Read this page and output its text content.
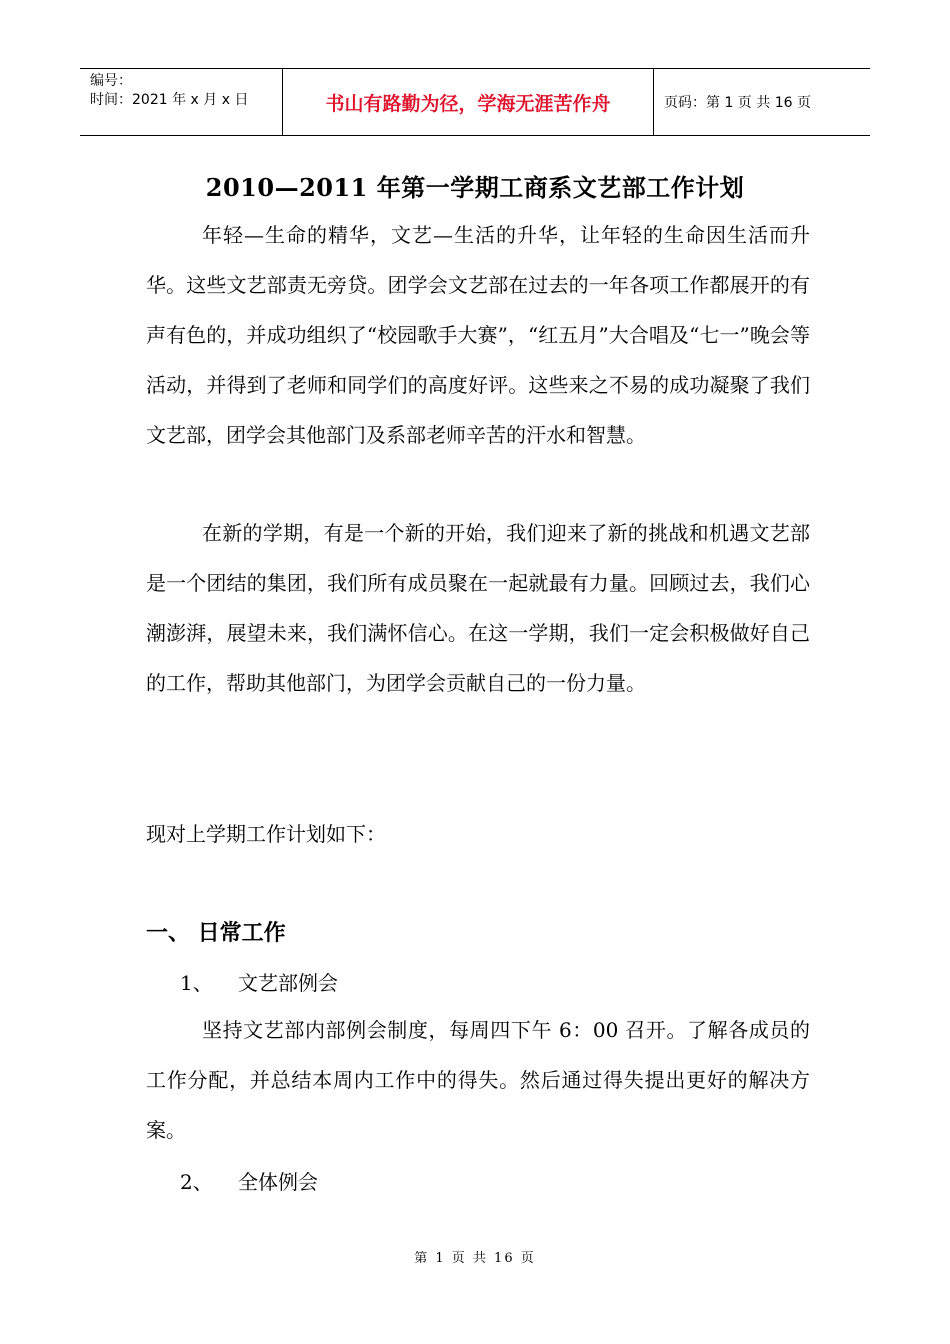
编号：
时间：2021 年 x 月 x 日	书山有路勤为径，学海无涯苦作舟	页码：第 1 页 共 16 页
2010—2011 年第一学期工商系文艺部工作计划
年轻—生命的精华，文艺—生活的升华，让年轻的生命因生活而升华。这些文艺部责无旁贷。团学会文艺部在过去的一年各项工作都展开的有声有色的，并成功组织了“校园歌手大赛”，“红五月”大合唱及“七一”晚会等活动，并得到了老师和同学们的高度好评。这些来之不易的成功凝聚了我们文艺部，团学会其他部门及系部老师辛苦的汗水和智慧。
在新的学期，有是一个新的开始，我们迎来了新的挑战和机遇文艺部是一个团结的集团，我们所有成员聚在一起就最有力量。回顾过去，我们心潮澎湃，展望未来，我们满怀信心。在这一学期，我们一定会积极做好自己的工作，帮助其他部门，为团学会贡献自己的一份力量。
现对上学期工作计划如下：
一、 日常工作
1、 文艺部例会
坚持文艺部内部例会制度，每周四下午 6：00 召开。了解各成员的工作分配，并总结本周内工作中的得失。然后通过得失提出更好的解决方案。
2、 全体例会
第 1 页 共 16 页
